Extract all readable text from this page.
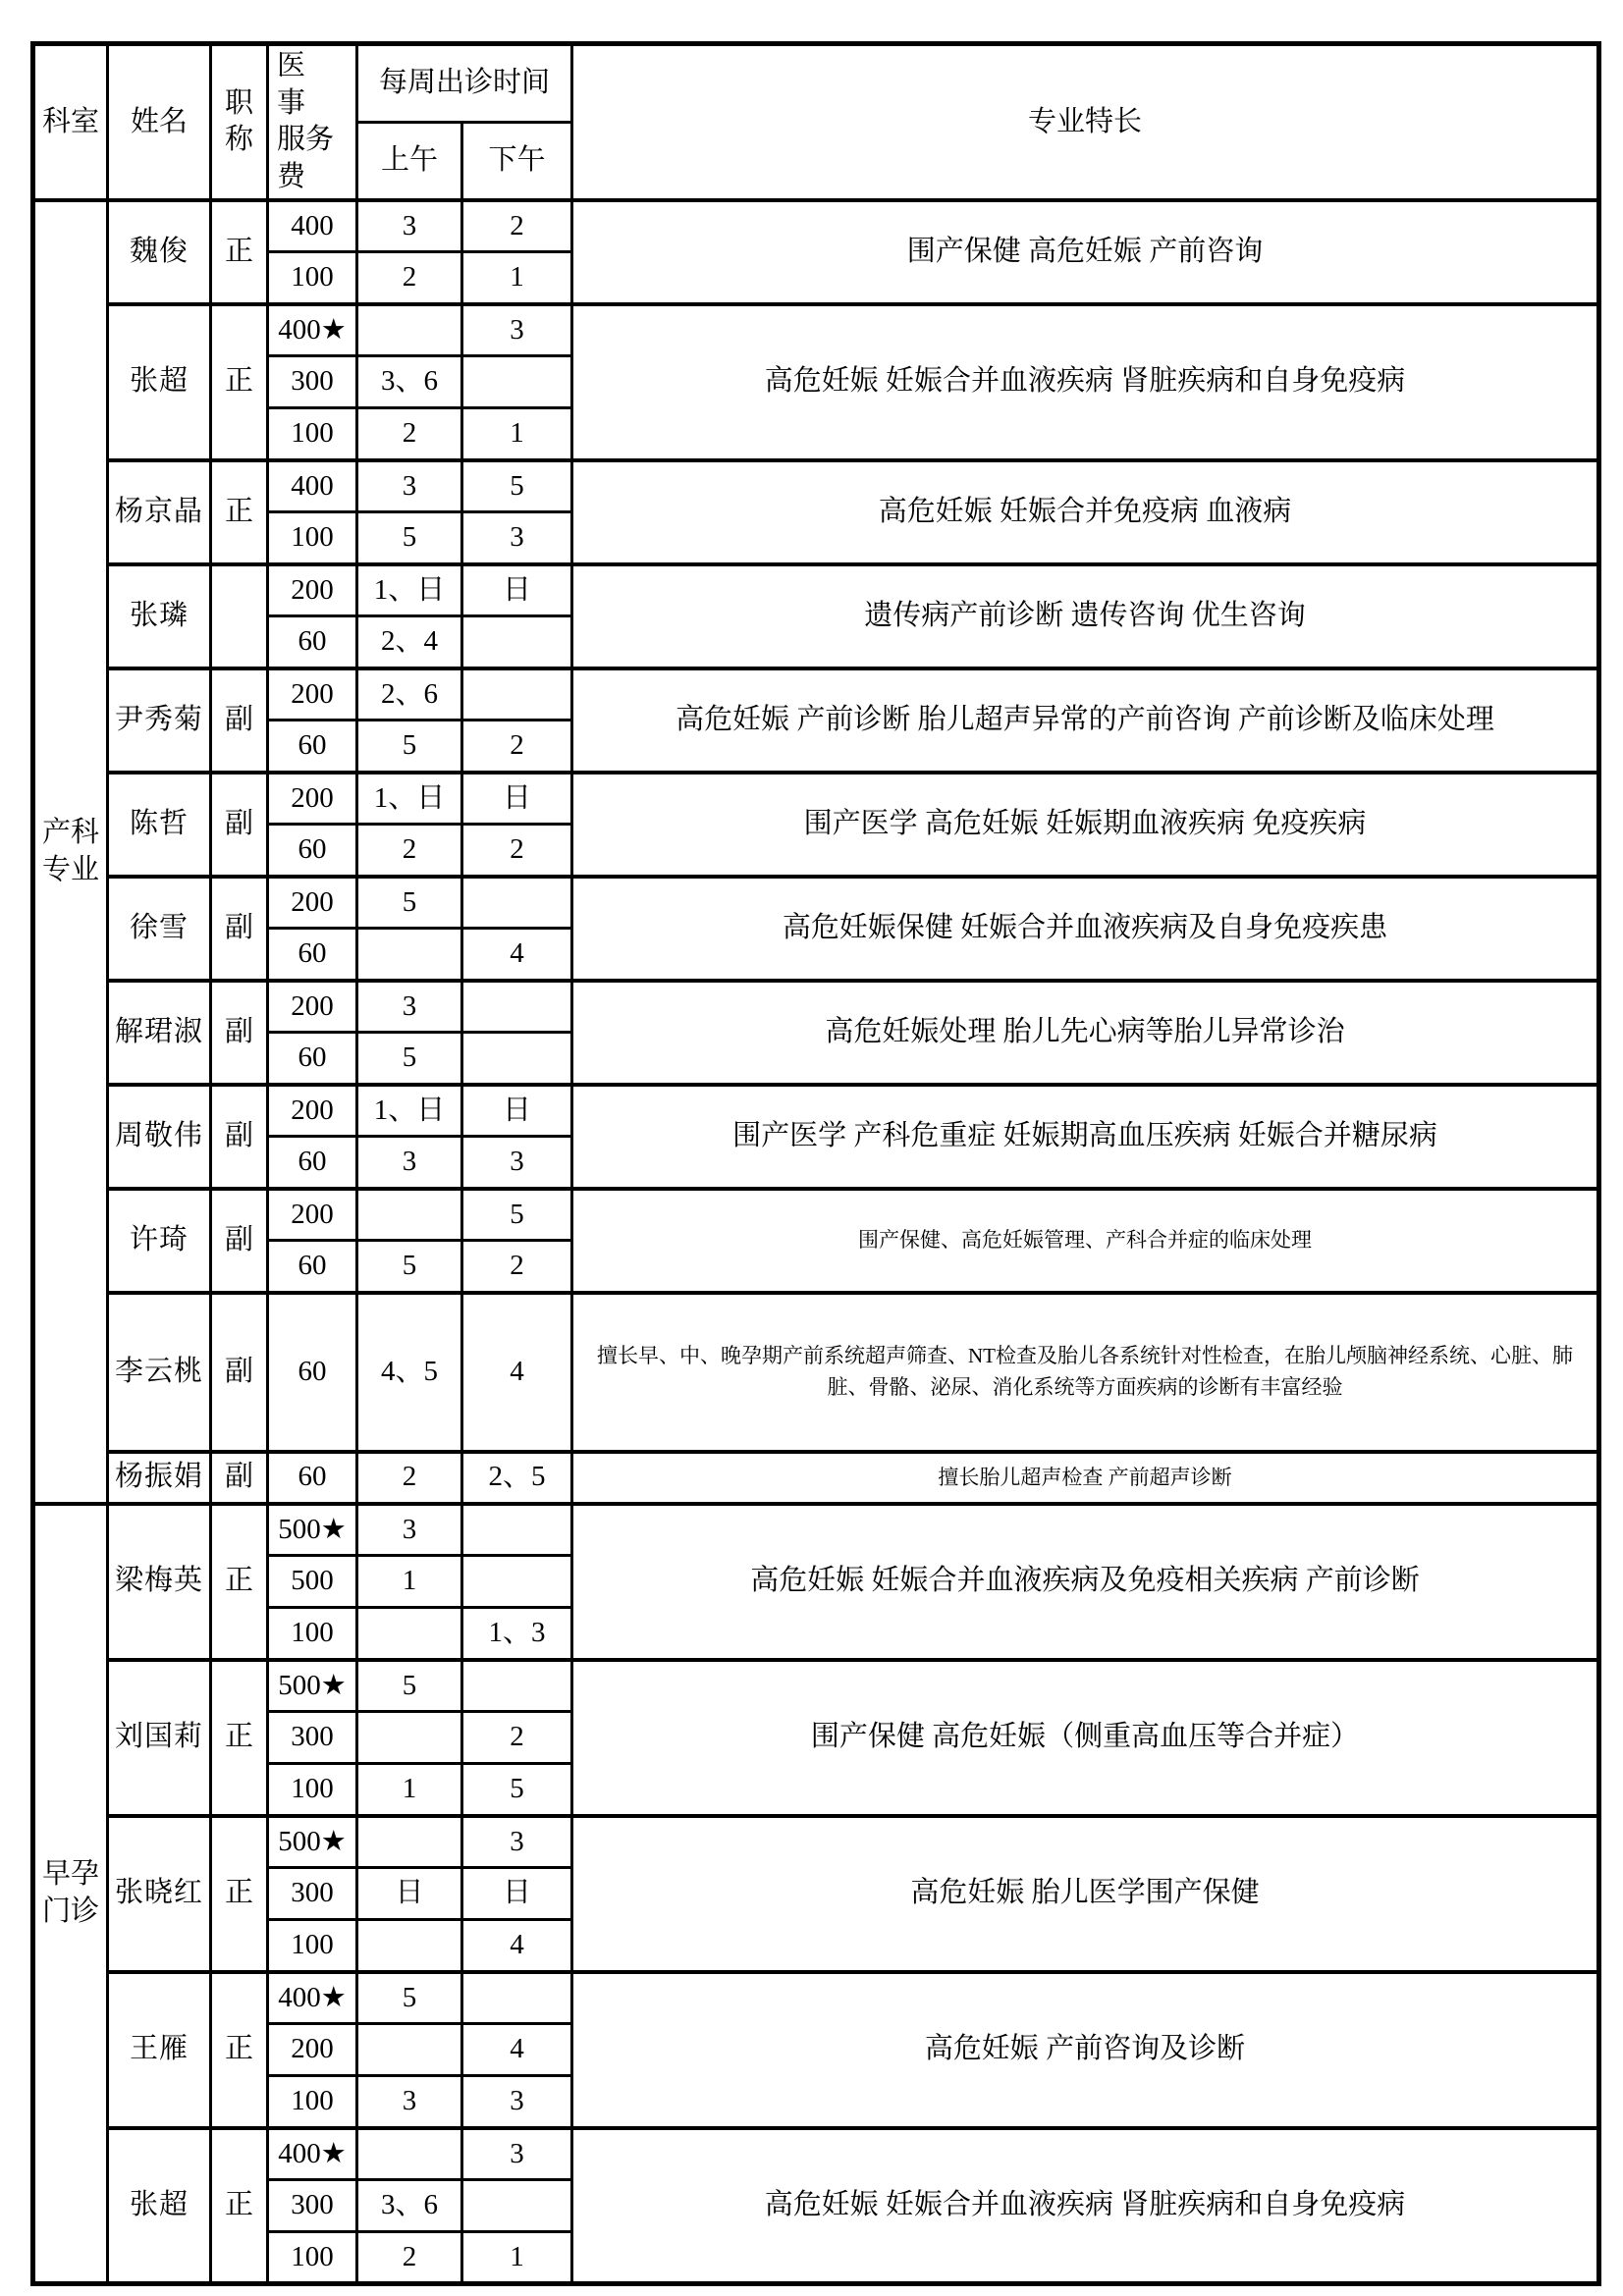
科室	姓名	职称	医　事
服务费	每周出诊时间		专业特长
				上午	下午	
产科专业	魏俊	正	400	3	2	围产保健 高危妊娠 产前咨询
			100	2	1	
	张超	正	400★		3	高危妊娠 妊娠合并血液疾病 肾脏疾病和自身免疫病
			300	3、6		
			100	2	1	
	杨京晶	正	400	3	5	高危妊娠 妊娠合并免疫病 血液病
			100	5	3	
	张璘		200	1、日	日	遗传病产前诊断 遗传咨询 优生咨询
			60	2、4		
	尹秀菊	副	200	2、6		高危妊娠 产前诊断 胎儿超声异常的产前咨询 产前诊断及临床处理
			60	5	2	
	陈哲	副	200	1、日	日	围产医学 高危妊娠 妊娠期血液疾病 免疫疾病
			60	2	2	
	徐雪	副	200	5		高危妊娠保健 妊娠合并血液疾病及自身免疫疾患
			60		4	
	解珺淑	副	200	3		高危妊娠处理 胎儿先心病等胎儿异常诊治
			60	5		
	周敬伟	副	200	1、日	日	围产医学 产科危重症 妊娠期高血压疾病 妊娠合并糖尿病
			60	3	3	
	许琦	副	200		5	围产保健、高危妊娠管理、产科合并症的临床处理
			60	5	2	
	李云桃	副	60	4、5	4	擅长早、中、晚孕期产前系统超声筛查、NT检查及胎儿各系统针对性检查，在胎儿颅脑神经系统、心脏、肺脏、骨骼、泌尿、消化系统等方面疾病的诊断有丰富经验
	杨振娟	副	60	2	2、5	擅长胎儿超声检查 产前超声诊断
早孕门诊	梁梅英	正	500★	3		高危妊娠 妊娠合并血液疾病及免疫相关疾病 产前诊断
			500	1		
			100		1、3	
	刘国莉	正	500★	5		围产保健 高危妊娠（侧重高血压等合并症）
			300		2	
			100	1	5	
	张晓红	正	500★		3	高危妊娠 胎儿医学围产保健
			300	日	日	
			100		4	
	王雁	正	400★	5		高危妊娠 产前咨询及诊断
			200		4	
			100	3	3	
	张超	正	400★		3	高危妊娠 妊娠合并血液疾病 肾脏疾病和自身免疫病
			300	3、6		
			100	2	1	
